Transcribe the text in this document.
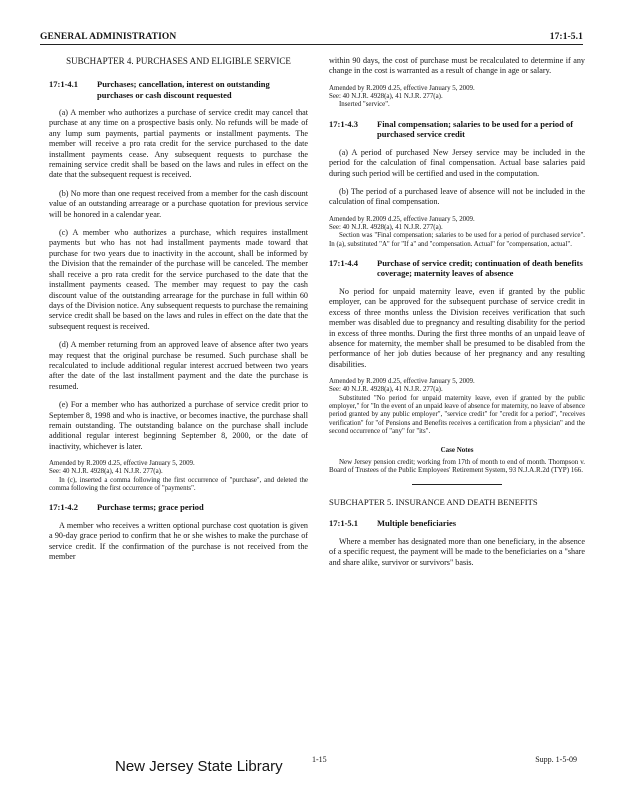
GENERAL ADMINISTRATION	17:1-5.1
SUBCHAPTER 4. PURCHASES AND ELIGIBLE SERVICE
17:1-4.1	Purchases; cancellation, interest on outstanding purchases or cash discount requested

(a) A member who authorizes a purchase of service credit may cancel that purchase at any time on a prospective basis only. No refunds will be made of any lump sum payments, partial payments or installment payments. The member will receive a pro rata credit for the service purchased to the date installment payments cease. Any subsequent requests to purchase the remaining service credit shall be based on the laws and rules in effect on the date that the subsequent request is received.

(b) No more than one request received from a member for the cash discount value of an outstanding arrearage or a purchase quotation for previous service will be honored in a calendar year.

(c) A member who authorizes a purchase, which requires installment payments but who has not had installment payments made toward that purchase for two years due to inactivity in the account, shall be informed by the Division that the remainder of the purchase will be canceled. The member shall receive a pro rata credit for the service purchased to the date that the installment payments ceased. The member may request to pay the cash discount value of the outstanding arrearage for the purchase in full within 60 days of the Division notice. Any subsequent requests to purchase the remaining service credit shall be based on the laws and rules in effect on the date that the subsequent request is received.

(d) A member returning from an approved leave of absence after two years may request that the original purchase be resumed. Such purchase shall be recalculated to include additional regular interest accrued between two years after the date of the last installment payment and the date the purchase is resumed.

(e) For a member who has authorized a purchase of service credit prior to September 8, 1998 and who is inactive, or becomes inactive, the purchase shall remain outstanding. The outstanding balance on the purchase shall include additional regular interest beginning September 8, 2000, or the date of inactivity, whichever is later.

Amended by R.2009 d.25, effective January 5, 2009.
See: 40 N.J.R. 4928(a), 41 N.J.R. 277(a).
In (c), inserted a comma following the first occurrence of "purchase", and deleted the comma following the first occurrence of "payments".
17:1-4.2	Purchase terms; grace period

A member who receives a written optional purchase cost quotation is given a 90-day grace period to confirm that he or she wishes to make the purchase of service credit. If the confirmation of the purchase is not received from the member

within 90 days, the cost of purchase must be recalculated to determine if any change in the cost is warranted as a result of change in age or salary.

Amended by R.2009 d.25, effective January 5, 2009.
See: 40 N.J.R. 4928(a), 41 N.J.R. 277(a).
Inserted "service".
17:1-4.3	Final compensation; salaries to be used for a period of purchased service credit

(a) A period of purchased New Jersey service may be included in the period for the calculation of final compensation. Actual base salaries paid during such period will be certified and used in the computation.

(b) The period of a purchased leave of absence will not be included in the calculation of final compensation.

Amended by R.2009 d.25, effective January 5, 2009.
See: 40 N.J.R. 4928(a), 41 N.J.R. 277(a).
Section was "Final compensation; salaries to be used for a period of purchased service". In (a), substituted "A" for "If a" and "compensation. Actual" for "compensation, actual".
17:1-4.4	Purchase of service credit; continuation of death benefits coverage; maternity leaves of absence

No period for unpaid maternity leave, even if granted by the public employer, can be approved for the subsequent purchase of service credit in excess of three months unless the Division receives verification that such member was disabled due to pregnancy and resulting disability for the period in excess of three months. During the first three months of an unpaid leave of absence for maternity, the member shall be presumed to be disabled from the performance of her job duties because of her pregnancy and any resulting disabilities.

Amended by R.2009 d.25, effective January 5, 2009.
See: 40 N.J.R. 4928(a), 41 N.J.R. 277(a).
Substituted "No period for unpaid maternity leave, even if granted by the public employer," for "In the event of an unpaid leave of absence for maternity, no leave of absence period granted by any public employer", "service credit" for "credit for a period", "receives verification" for "of Pensions and Benefits receives a certification from a physician" and the second occurrence of "any" for "its".
Case Notes
New Jersey pension credit; working from 17th of month to end of month. Thompson v. Board of Trustees of the Public Employees' Retirement System, 93 N.J.A.R.2d (TYP) 166.
SUBCHAPTER 5. INSURANCE AND DEATH BENEFITS
17:1-5.1	Multiple beneficiaries

Where a member has designated more than one beneficiary, in the absence of a specific request, the payment will be made to the beneficiaries on a "share and share alike, survivor or survivors" basis.

New Jersey State Library	1-15	Supp. 1-5-09
